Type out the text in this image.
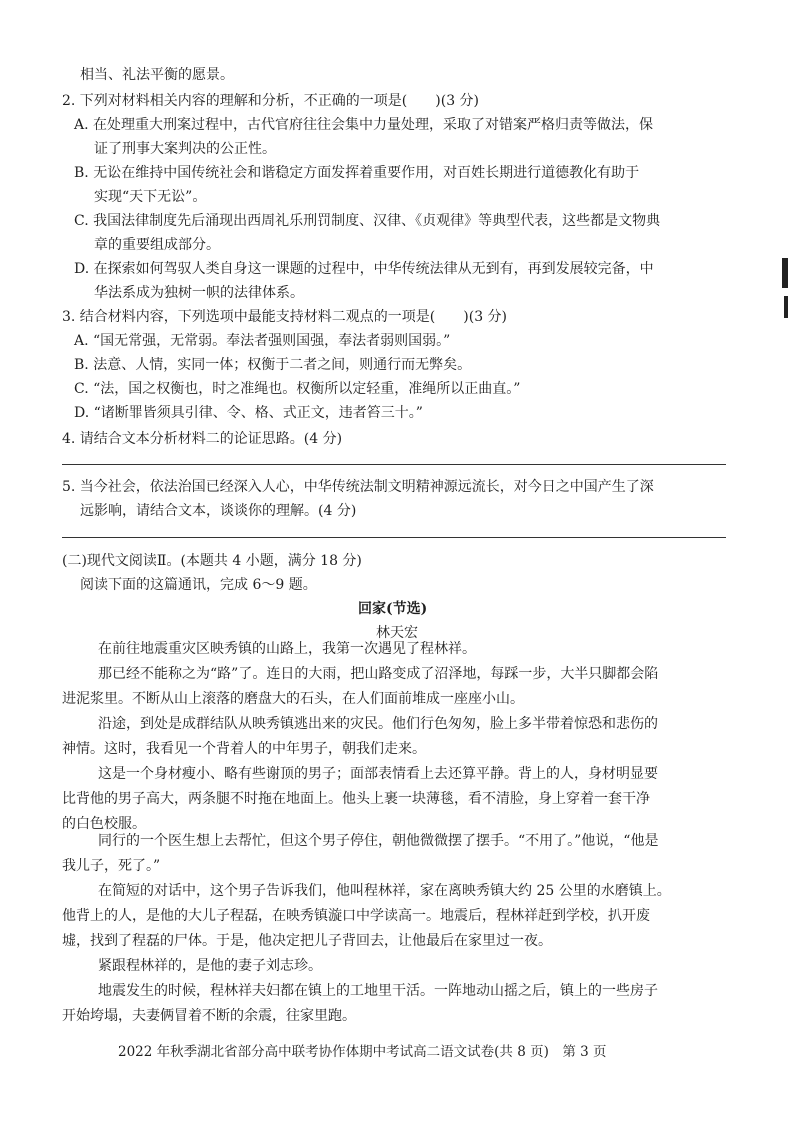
相当、礼法平衡的愿景。
2. 下列对材料相关内容的理解和分析，不正确的一项是(　　)(3 分)
A. 在处理重大刑案过程中，古代官府往往会集中力量处理，采取了对错案严格归责等做法，保
证了刑事大案判决的公正性。
B. 无讼在维持中国传统社会和谐稳定方面发挥着重要作用，对百姓长期进行道德教化有助于
实现“天下无讼”。
C. 我国法律制度先后涌现出西周礼乐刑罚制度、汉律、《贞观律》等典型代表，这些都是文物典
章的重要组成部分。
D. 在探索如何驾驭人类自身这一课题的过程中，中华传统法律从无到有，再到发展较完备，中
华法系成为独树一帜的法律体系。
3. 结合材料内容，下列选项中最能支持材料二观点的一项是(　　)(3 分)
A. “国无常强，无常弱。奉法者强则国强，奉法者弱则国弱。”
B. 法意、人情，实同一体；权衡于二者之间，则通行而无弊矣。
C. “法，国之权衡也，时之准绳也。权衡所以定轻重，准绳所以正曲直。”
D. “诸断罪皆须具引律、令、格、式正文，违者笞三十。”
4. 请结合文本分析材料二的论证思路。(4 分)
5. 当今社会，依法治国已经深入人心，中华传统法制文明精神源远流长，对今日之中国产生了深
远影响，请结合文本，谈谈你的理解。(4 分)
(二)现代文阅读Ⅱ。(本题共 4 小题，满分 18 分)
阅读下面的这篇通讯，完成 6～9 题。
回家(节选)
林天宏
在前往地震重灾区映秀镇的山路上，我第一次遇见了程林祥。
那已经不能称之为“路”了。连日的大雨，把山路变成了沼泽地，每踩一步，大半只脚都会陷
进泥浆里。不断从山上滚落的磨盘大的石头，在人们面前堆成一座座小山。
沿途，到处是成群结队从映秀镇逃出来的灾民。他们行色匆匆，脸上多半带着惊恐和悲伤的
神情。这时，我看见一个背着人的中年男子，朝我们走来。
这是一个身材瘦小、略有些谢顶的男子；面部表情看上去还算平静。背上的人，身材明显要
比背他的男子高大，两条腿不时拖在地面上。他头上裹一块薄毯，看不清脸，身上穿着一套干净
的白色校服。
同行的一个医生想上去帮忙，但这个男子停住，朝他微微摆了摆手。“不用了。”他说，“他是
我儿子，死了。”
在简短的对话中，这个男子告诉我们，他叫程林祥，家在离映秀镇大约 25 公里的水磨镇上。
他背上的人，是他的大儿子程磊，在映秀镇漩口中学读高一。地震后，程林祥赶到学校，扒开废
墟，找到了程磊的尸体。于是，他决定把儿子背回去，让他最后在家里过一夜。
紧跟程林祥的，是他的妻子刘志珍。
地震发生的时候，程林祥夫妇都在镇上的工地里干活。一阵地动山摇之后，镇上的一些房子
开始垮塌，夫妻俩冒着不断的余震，往家里跑。
2022 年秋季湖北省部分高中联考协作体期中考试高二语文试卷(共 8 页)　第 3 页
